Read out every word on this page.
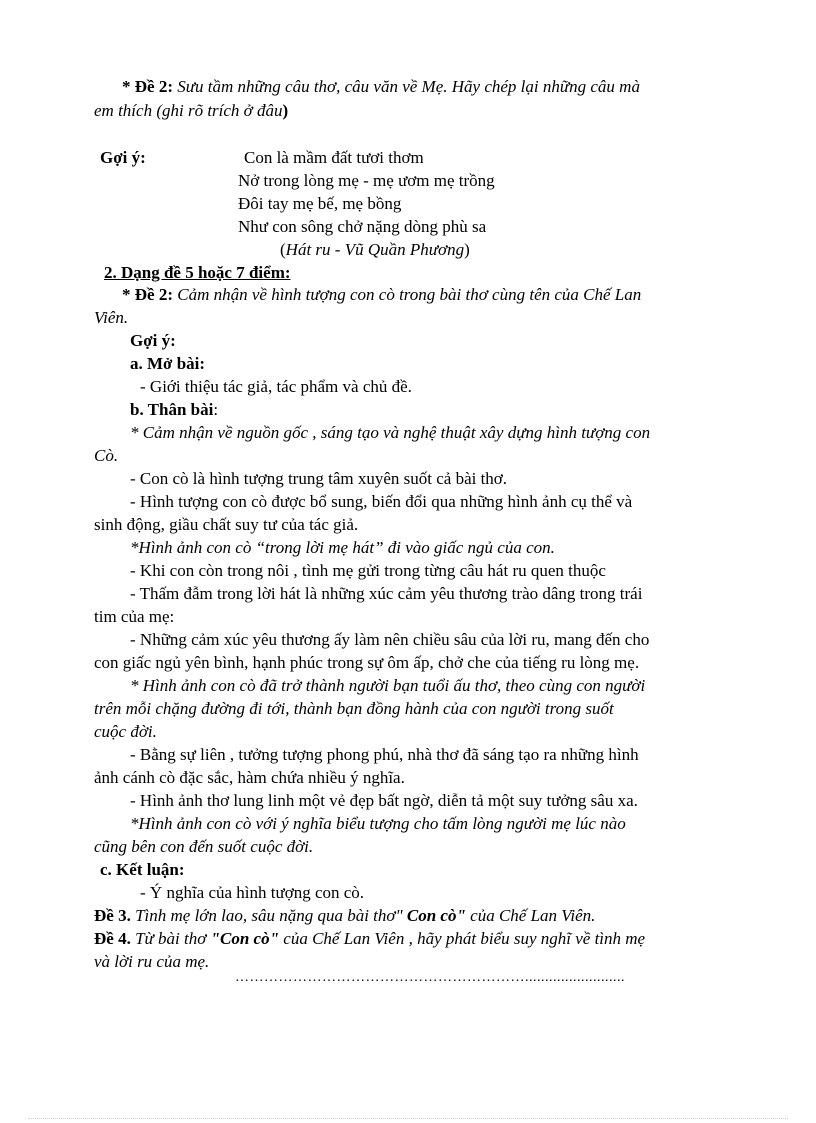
* Đề 2: Sưu tầm những câu thơ, câu văn về Mẹ. Hãy chép lại những câu mà
em thích (ghi rõ trích ở đâu)
Gợi ý:	Con là mầm đất tươi thơm
Nở trong lòng mẹ - mẹ ươm mẹ trồng
Đôi tay mẹ bế, mẹ bồng
Như con sông chở nặng dòng phù sa
(Hát ru - Vũ Quần Phương)
2. Dạng đề 5 hoặc 7 điểm:
* Đề 2: Cảm nhận về hình tượng con cò trong bài thơ cùng tên của Chế Lan
Viên.
Gợi ý:
a. Mở bài:
- Giới thiệu tác giả, tác phẩm và chủ đề.
b. Thân bài:
* Cảm nhận về nguồn gốc , sáng tạo và nghệ thuật xây dựng hình tượng con
Cò.
- Con cò là hình tượng trung tâm xuyên suốt cả bài thơ.
- Hình tượng con cò được bổ sung, biến đổi qua những hình ảnh cụ thể và
sinh động, giầu chất suy tư của tác giả.
*Hình ảnh con cò “trong lời mẹ hát” đi vào giấc ngủ của con.
- Khi con còn trong nôi , tình mẹ gửi trong từng câu hát ru quen thuộc
- Thấm đẫm trong lời hát là những xúc cảm yêu thương trào dâng trong trái
tim của mẹ:
- Những cảm xúc yêu thương ấy làm nên chiều sâu của lời ru, mang đến cho
con giấc ngủ yên bình, hạnh phúc trong sự ôm ấp, chở che của tiếng ru lòng mẹ.
* Hình ảnh con cò đã trở thành người bạn tuổi ấu thơ, theo cùng con người
trên mỗi chặng đường đi tới, thành bạn đồng hành của con người trong suốt
cuộc đời.
- Bằng sự liên , tưởng tượng phong phú, nhà thơ đã sáng tạo ra những hình
ảnh cánh cò đặc sắc, hàm chứa nhiều ý nghĩa.
- Hình ảnh thơ lung linh một vẻ đẹp bất ngờ, diễn tả một suy tưởng sâu xa.
*Hình ảnh con cò với ý nghĩa biểu tượng cho tấm lòng người mẹ lúc nào
cũng bên con đến suốt cuộc đời.
c. Kết luận:
- Ý nghĩa của hình tượng con cò.
Đề 3. Tình mẹ lớn lao, sâu nặng qua bài thơ" Con cò" của Chế Lan Viên.
Đề 4. Từ bài thơ "Con cò" của Chế Lan Viên , hãy phát biểu suy nghĩ về tình mẹ
và lời ru của mẹ.
…………………………………………………….........................
